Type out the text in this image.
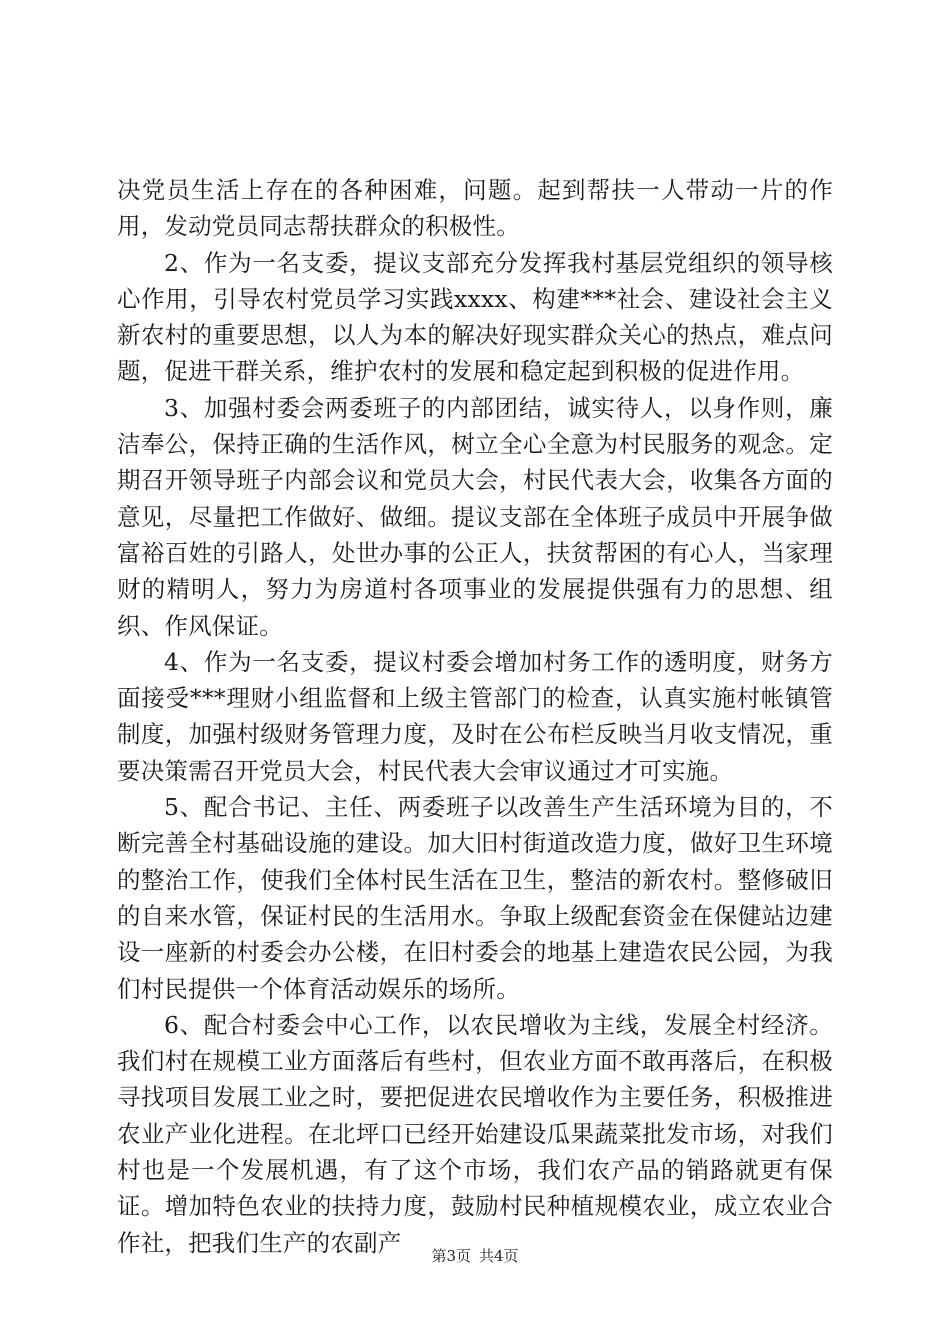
决党员生活上存在的各种困难，问题。起到帮扶一人带动一片的作用，发动党员同志帮扶群众的积极性。

2、作为一名支委，提议支部充分发挥我村基层党组织的领导核心作用，引导农村党员学习实践xxxx、构建***社会、建设社会主义新农村的重要思想，以人为本的解决好现实群众关心的热点，难点问题，促进干群关系，维护农村的发展和稳定起到积极的促进作用。

3、加强村委会两委班子的内部团结，诚实待人，以身作则，廉洁奉公，保持正确的生活作风，树立全心全意为村民服务的观念。定期召开领导班子内部会议和党员大会，村民代表大会，收集各方面的意见，尽量把工作做好、做细。提议支部在全体班子成员中开展争做富裕百姓的引路人，处世办事的公正人，扶贫帮困的有心人，当家理财的精明人，努力为房道村各项事业的发展提供强有力的思想、组织、作风保证。

4、作为一名支委，提议村委会增加村务工作的透明度，财务方面接受***理财小组监督和上级主管部门的检查，认真实施村帐镇管制度，加强村级财务管理力度，及时在公布栏反映当月收支情况，重要决策需召开党员大会，村民代表大会审议通过才可实施。

5、配合书记、主任、两委班子以改善生产生活环境为目的，不断完善全村基础设施的建设。加大旧村街道改造力度，做好卫生环境的整治工作，使我们全体村民生活在卫生，整洁的新农村。整修破旧的自来水管，保证村民的生活用水。争取上级配套资金在保健站边建设一座新的村委会办公楼，在旧村委会的地基上建造农民公园，为我们村民提供一个体育活动娱乐的场所。

6、配合村委会中心工作，以农民增收为主线，发展全村经济。我们村在规模工业方面落后有些村，但农业方面不敢再落后，在积极寻找项目发展工业之时，要把促进农民增收作为主要任务，积极推进农业产业化进程。在北坪口已经开始建设瓜果蔬菜批发市场，对我们村也是一个发展机遇，有了这个市场，我们农产品的销路就更有保证。增加特色农业的扶持力度，鼓励村民种植规模农业，成立农业合作社，把我们生产的农副产	第3页 共4页
